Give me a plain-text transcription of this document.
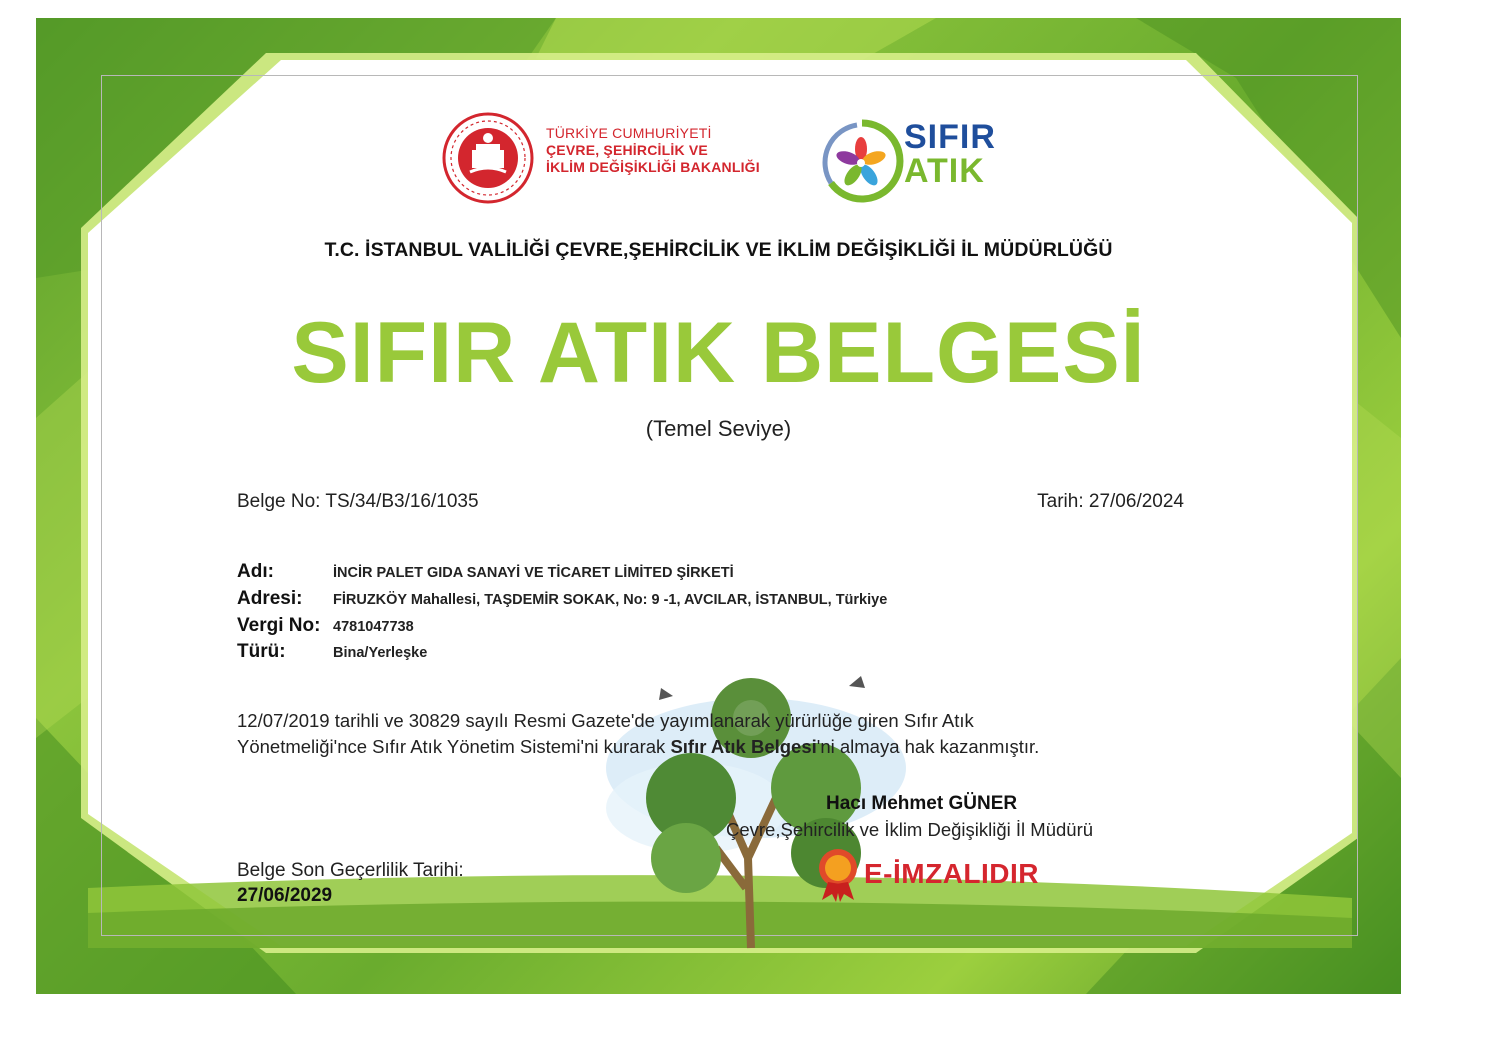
TÜRKİYE CUMHURİYETİ
ÇEVRE, ŞEHİRCİLİK VE
İKLİM DEĞİŞİKLİĞİ BAKANLIĞI
SIFIR
ATIK
T.C. İSTANBUL VALİLİĞİ ÇEVRE,ŞEHİRCİLİK VE İKLİM DEĞİŞİKLİĞİ İL MÜDÜRLÜĞÜ
SIFIR ATIK BELGESİ
(Temel Seviye)
Belge No: TS/34/B3/16/1035	Tarih: 27/06/2024
Adı:	İNCİR PALET GIDA SANAYİ VE TİCARET LİMİTED ŞİRKETİ
Adresi: FİRUZKÖY Mahallesi, TAŞDEMİR SOKAK, No: 9 -1, AVCILAR, İSTANBUL, Türkiye
Vergi No: 4781047738
Türü:	Bina/Yerleşke
12/07/2019 tarihli ve 30829 sayılı Resmi Gazete'de yayımlanarak yürürlüğe giren Sıfır Atık
Yönetmeliği'nce Sıfır Atık Yönetim Sistemi'ni kurarak Sıfır Atık Belgesi'ni almaya hak kazanmıştır.
Hacı Mehmet GÜNER
Çevre,Şehircilik ve İklim Değişikliği İl Müdürü
E-İMZALIDIR
Belge Son Geçerlilik Tarihi:
27/06/2029
